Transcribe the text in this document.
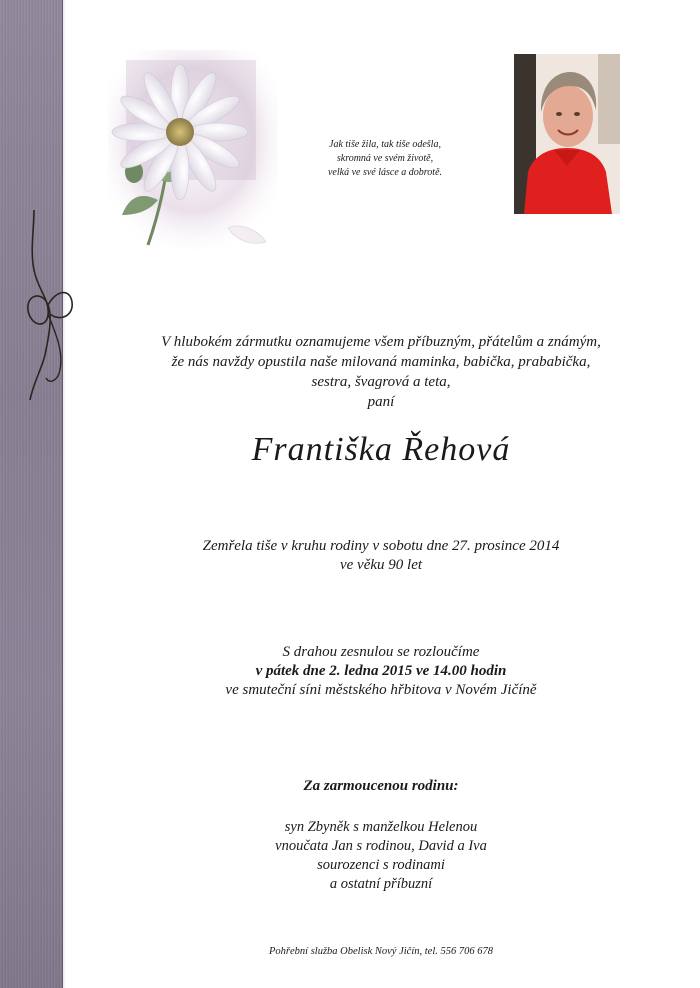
Jak tiše žila, tak tiše odešla,
skromná ve svém životě,
velká ve své lásce a dobrotě.
V hlubokém zármutku oznamujeme všem příbuzným, přátelům a známým,
že nás navždy opustila naše milovaná maminka, babička, prababička,
sestra, švagrová a teta,
paní
Františka Řehová
Zemřela tiše v kruhu rodiny v sobotu dne 27. prosince 2014
ve věku 90 let
S drahou zesnulou se rozloučíme
v pátek dne 2. ledna 2015 ve 14.00 hodin
ve smuteční síni městského hřbitova v Novém Jičíně
Za zarmoucenou rodinu:
syn Zbyněk s manželkou Helenou
vnoučata Jan s rodinou, David a Iva
sourozenci s rodinami
a ostatní příbuzní
Pohřební služba Obelisk Nový Jičín, tel. 556 706 678
